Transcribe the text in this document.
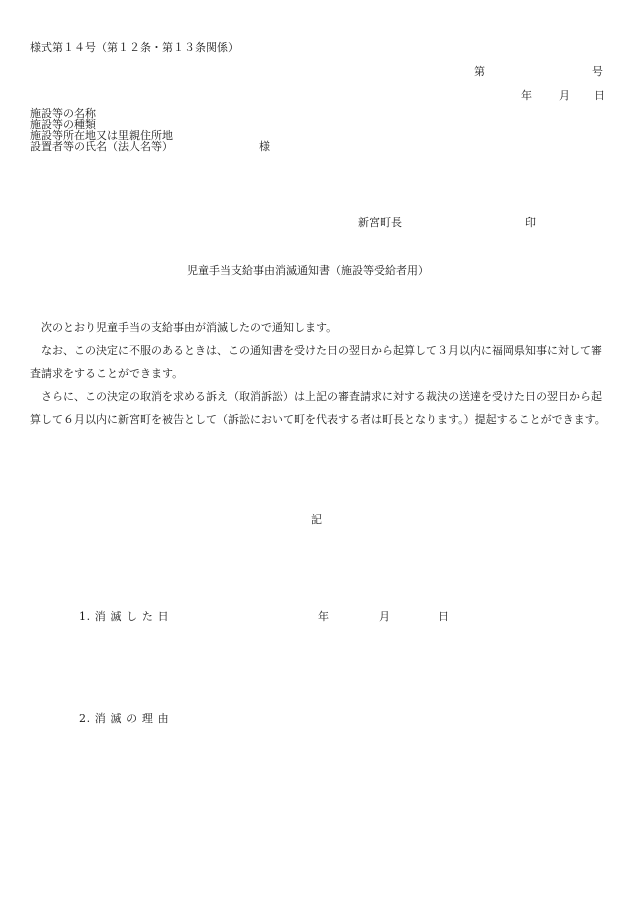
様式第１４号（第１２条・第１３条関係）
第	号
年 月 日
施設等の名称
施設等の種類
施設等所在地又は里親住所地
設置者等の氏名（法人名等）	様
新宮町長	印
児童手当支給事由消滅通知書（施設等受給者用）

次のとおり児童手当の支給事由が消滅したので通知します。

なお、この決定に不服のあるときは、この通知書を受けた日の翌日から起算して３月以内に福岡県知事に対して審査請求をすることができます。

さらに、この決定の取消を求める訴え（取消訴訟）は上記の審査請求に対する裁決の送達を受けた日の翌日から起算して６月以内に新宮町を被告として（訴訟において町を代表する者は町長となります。）提起することができます。

記
1. 消 滅 し た 日	年	月	日
2. 消 滅 の 理 由
